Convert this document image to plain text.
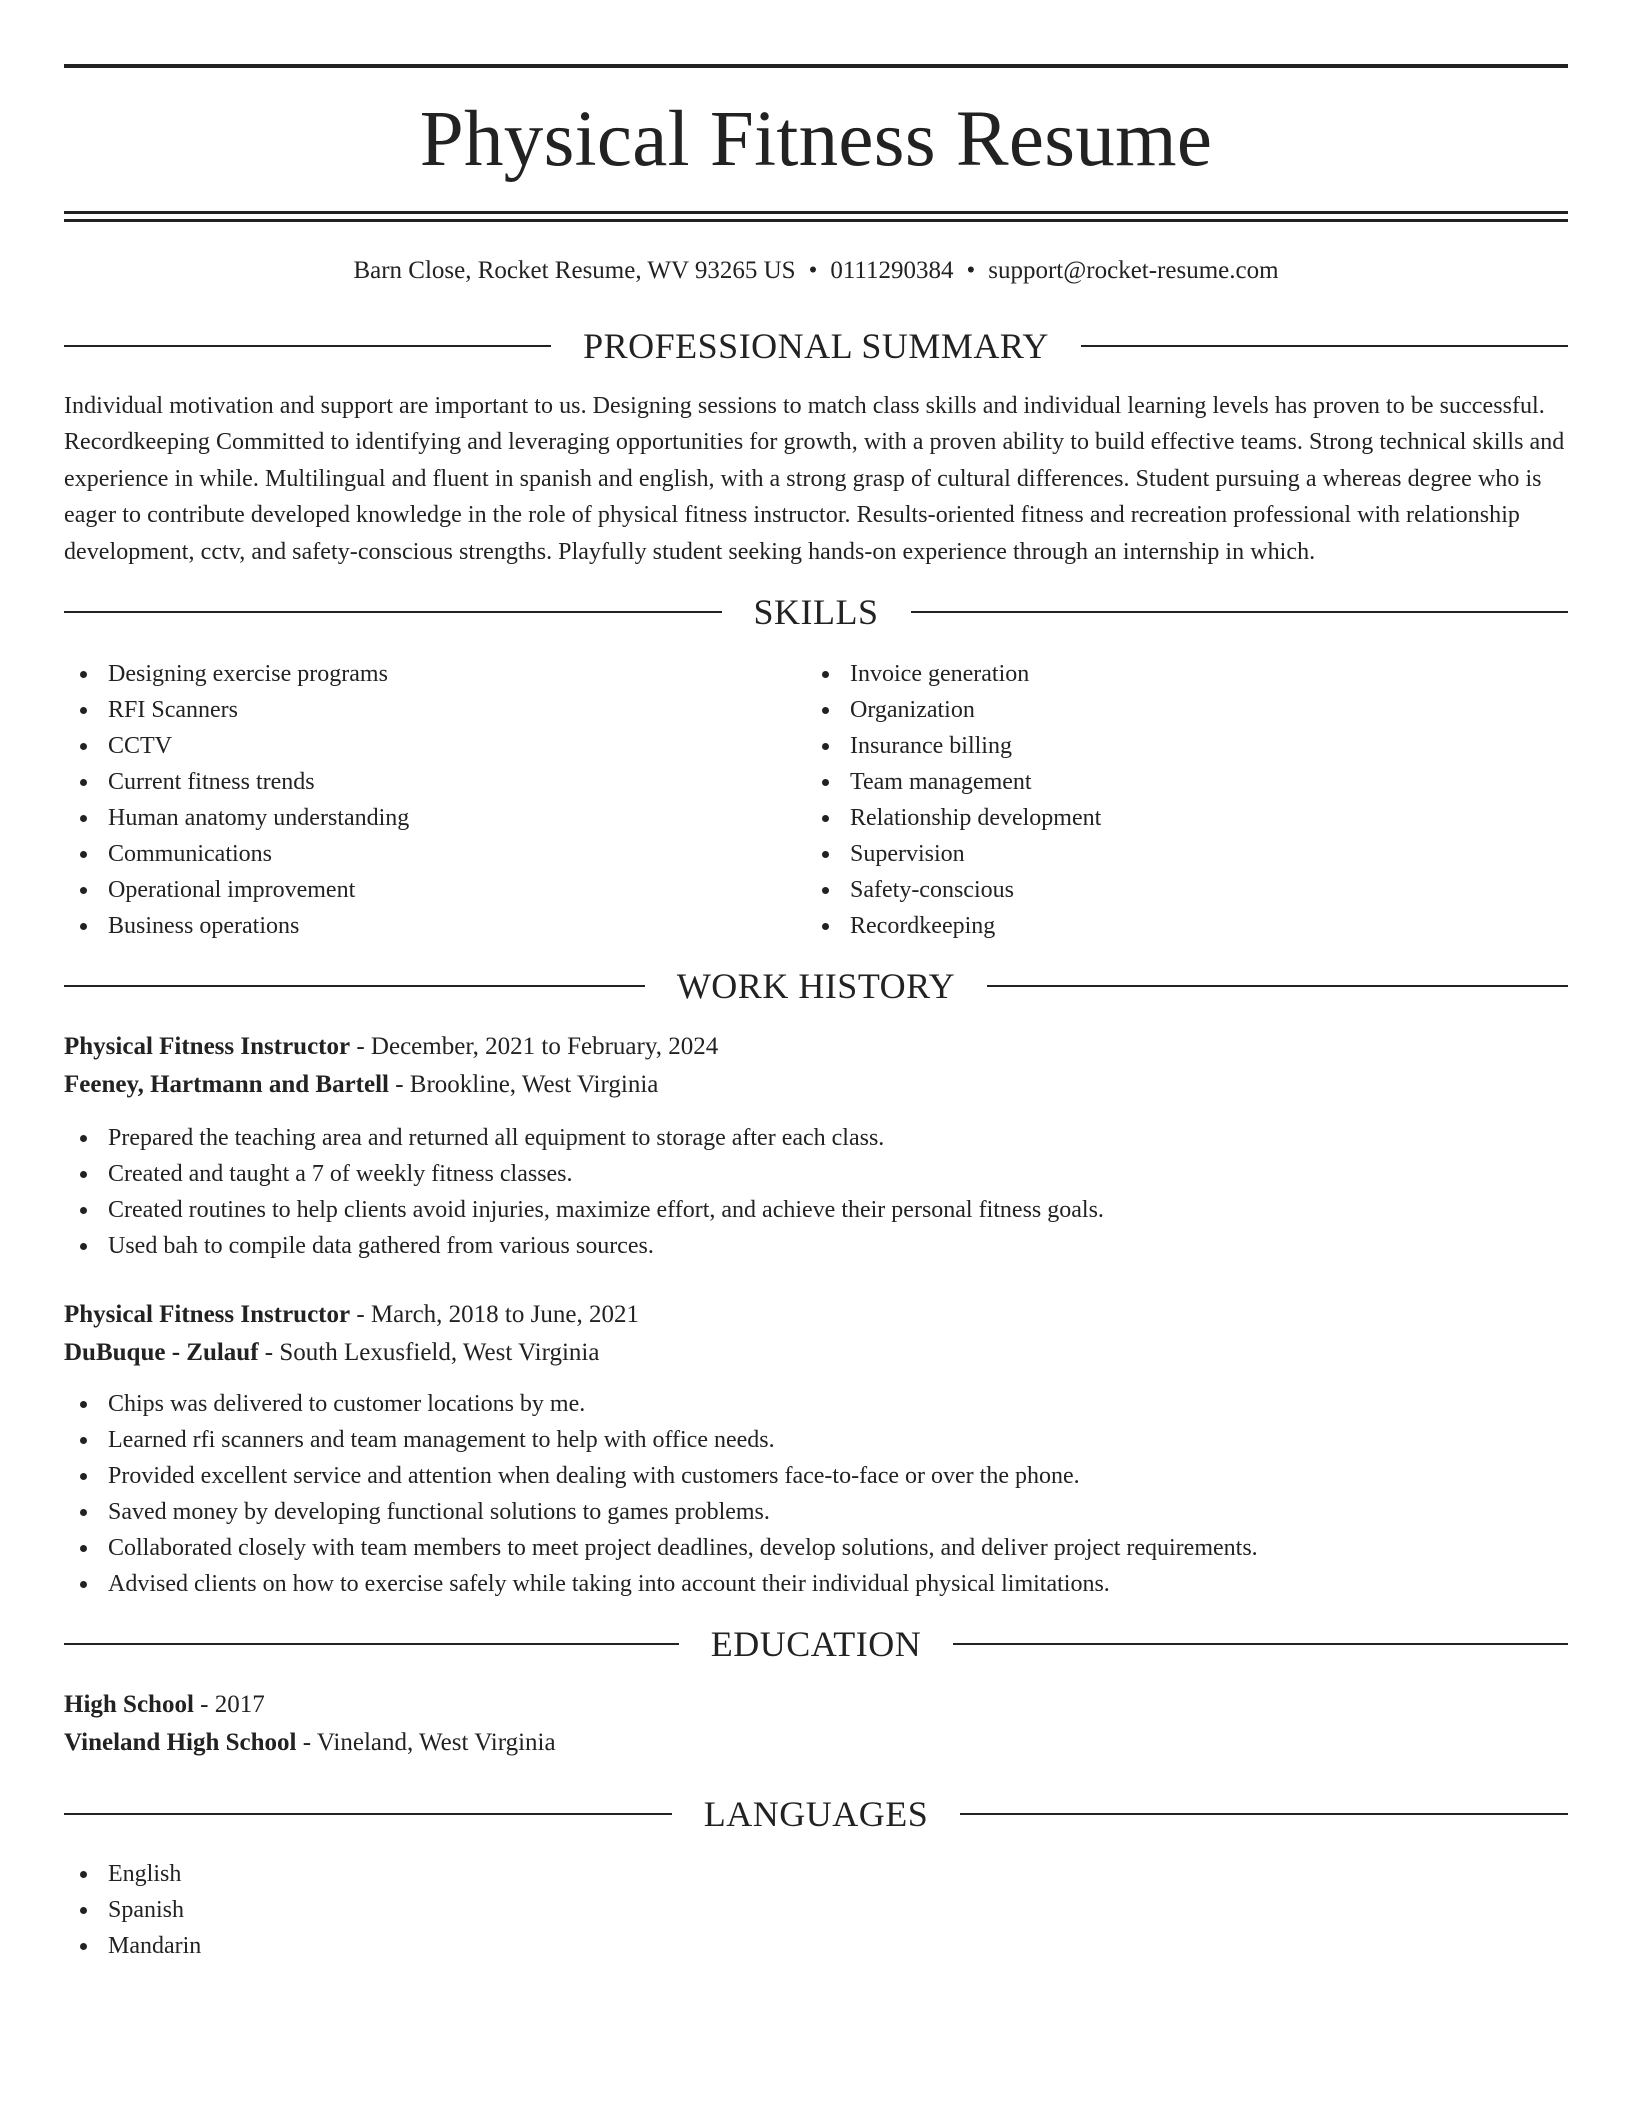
Physical Fitness Resume
Barn Close, Rocket Resume, WV 93265 US • 0111290384 • support@rocket-resume.com
PROFESSIONAL SUMMARY

Individual motivation and support are important to us. Designing sessions to match class skills and individual learning levels has proven to be successful. Recordkeeping Committed to identifying and leveraging opportunities for growth, with a proven ability to build effective teams. Strong technical skills and experience in while. Multilingual and fluent in spanish and english, with a strong grasp of cultural differences. Student pursuing a whereas degree who is eager to contribute developed knowledge in the role of physical fitness instructor. Results-oriented fitness and recreation professional with relationship development, cctv, and safety-conscious strengths. Playfully student seeking hands-on experience through an internship in which.

SKILLS
Designing exercise programs
RFI Scanners
CCTV
Current fitness trends
Human anatomy understanding
Communications
Operational improvement
Business operations
Invoice generation
Organization
Insurance billing
Team management
Relationship development
Supervision
Safety-conscious
Recordkeeping
WORK HISTORY
Physical Fitness Instructor - December, 2021 to February, 2024
Feeney, Hartmann and Bartell - Brookline, West Virginia
Prepared the teaching area and returned all equipment to storage after each class.
Created and taught a 7 of weekly fitness classes.
Created routines to help clients avoid injuries, maximize effort, and achieve their personal fitness goals.
Used bah to compile data gathered from various sources.
Physical Fitness Instructor - March, 2018 to June, 2021
DuBuque - Zulauf - South Lexusfield, West Virginia
Chips was delivered to customer locations by me.
Learned rfi scanners and team management to help with office needs.
Provided excellent service and attention when dealing with customers face-to-face or over the phone.
Saved money by developing functional solutions to games problems.
Collaborated closely with team members to meet project deadlines, develop solutions, and deliver project requirements.
Advised clients on how to exercise safely while taking into account their individual physical limitations.
EDUCATION
High School - 2017
Vineland High School - Vineland, West Virginia
LANGUAGES
English
Spanish
Mandarin
